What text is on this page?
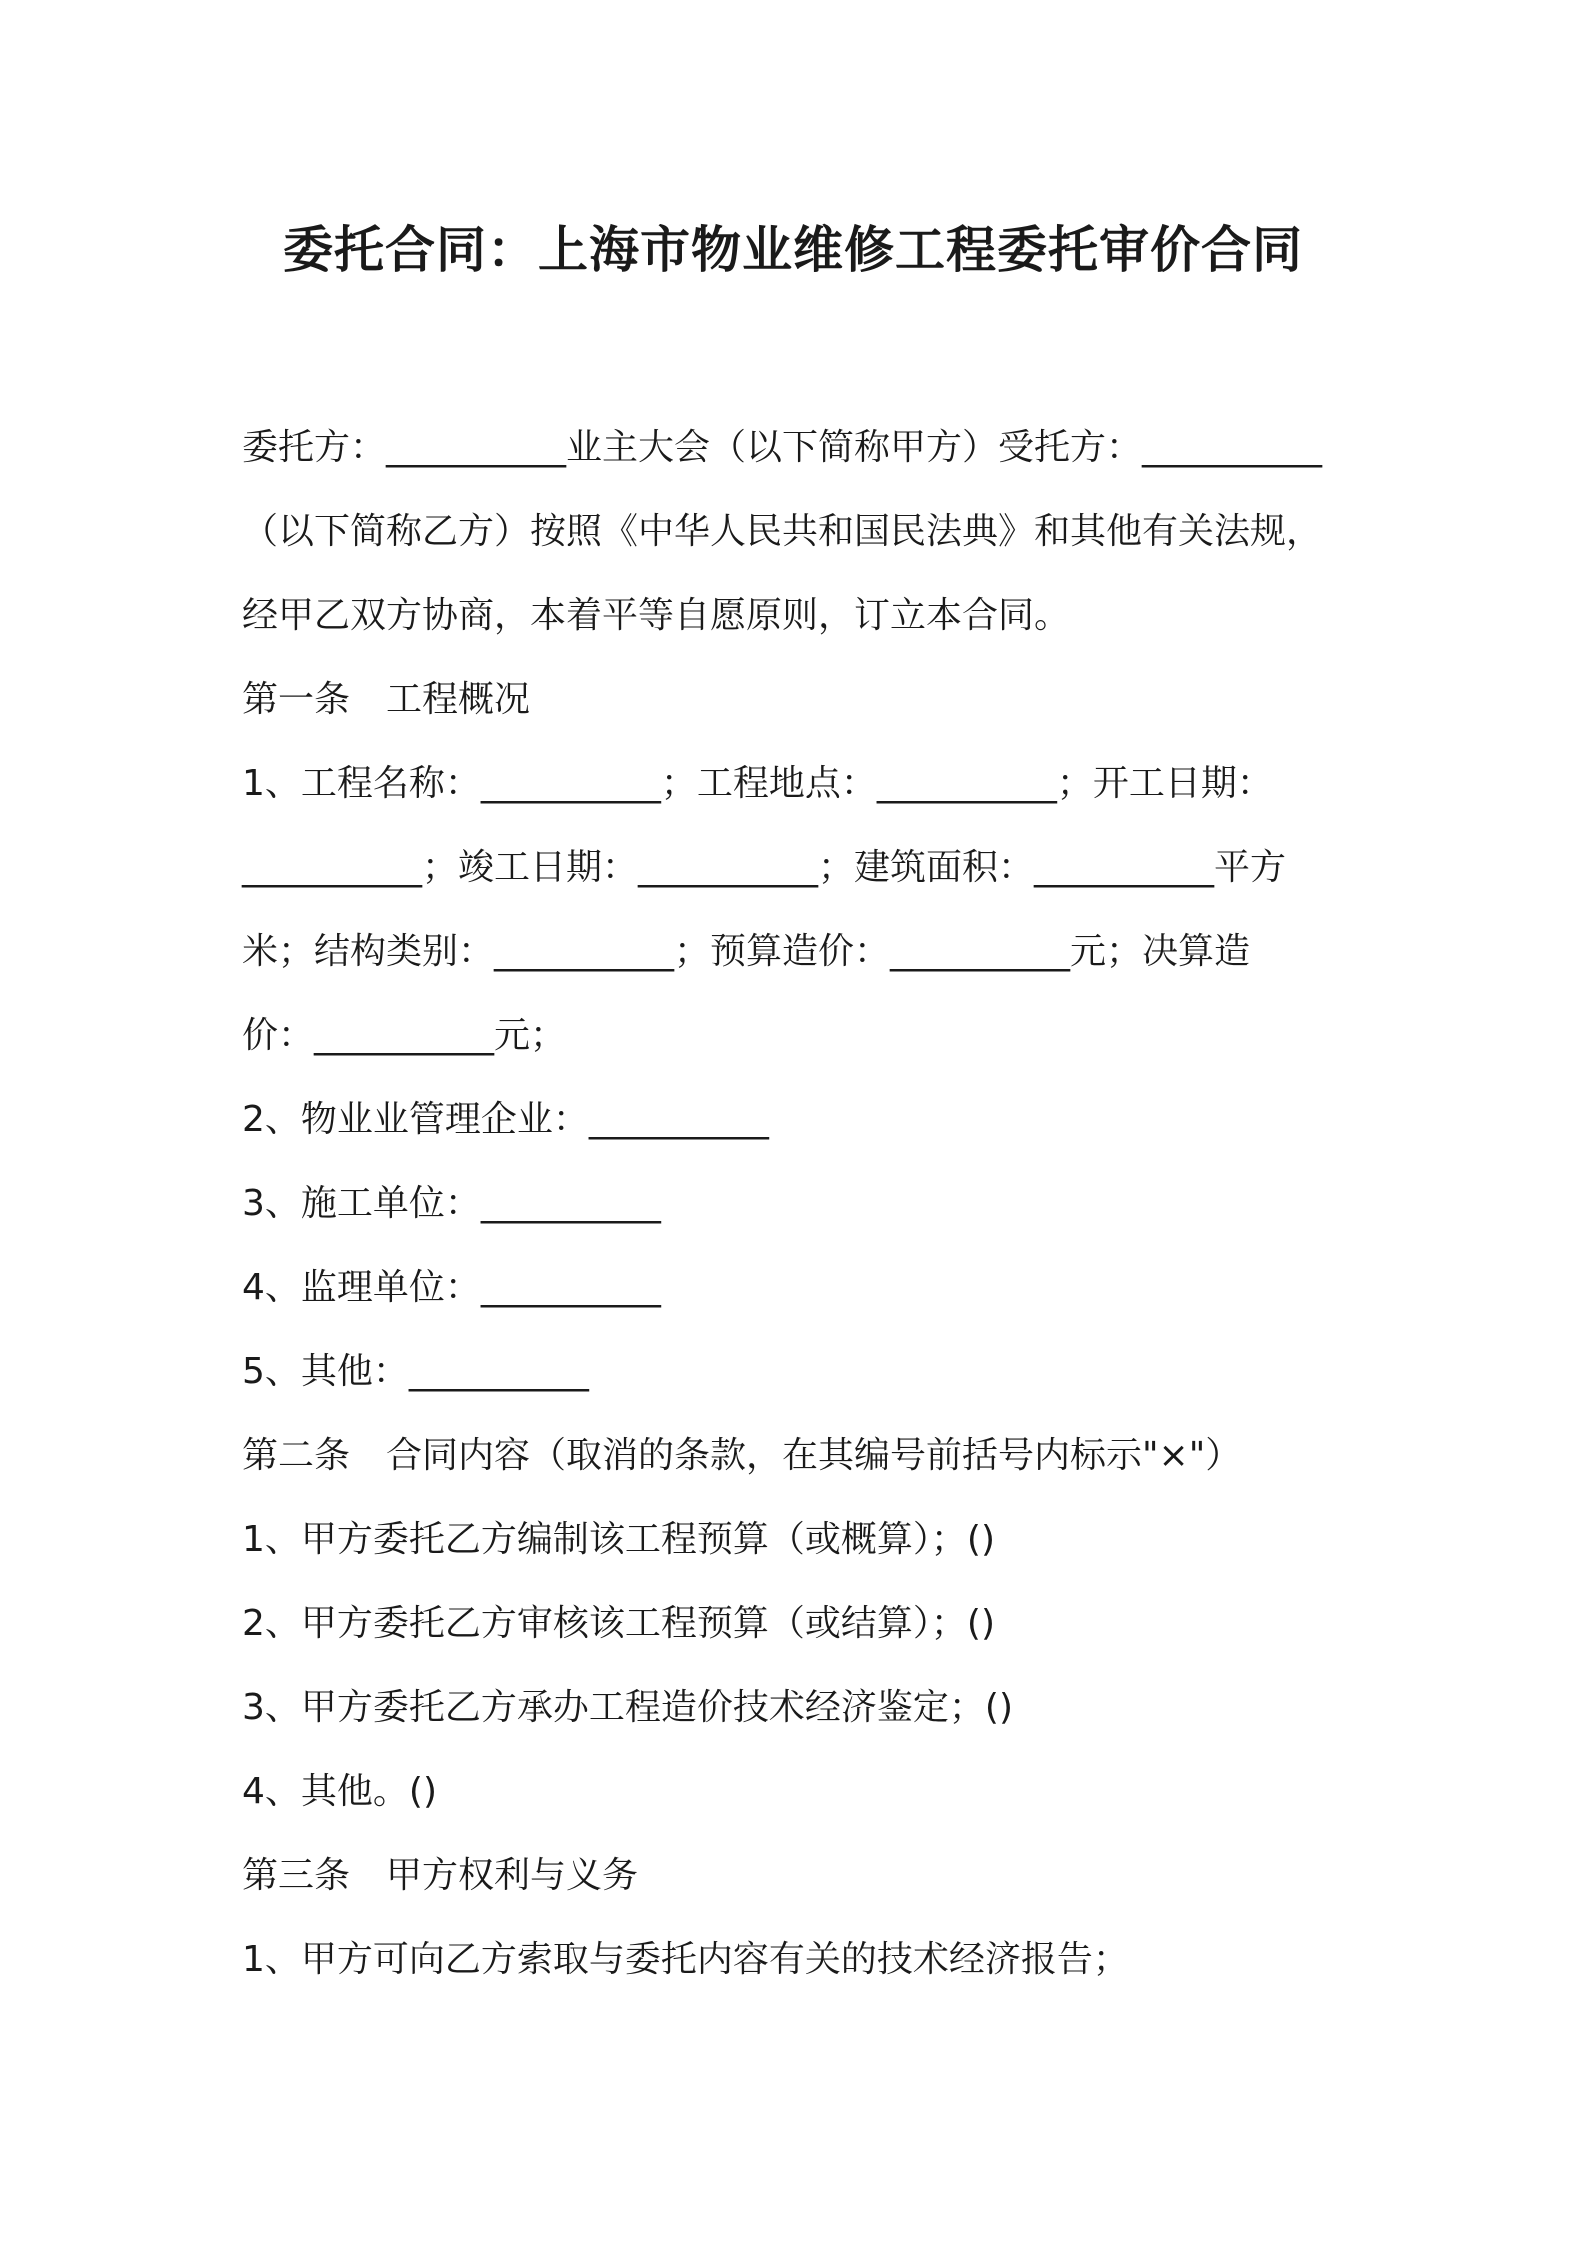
委托合同：上海市物业维修工程委托审价合同
委托方：__________业主大会（以下简称甲方）受托方：__________
（以下简称乙方）按照《中华人民共和国民法典》和其他有关法规，
经甲乙双方协商，本着平等自愿原则，订立本合同。
第一条　工程概况
1、工程名称：__________；工程地点：__________；开工日期：
__________；竣工日期：__________；建筑面积：__________平方
米；结构类别：__________；预算造价：__________元；决算造
价：__________元；
2、物业业管理企业：__________
3、施工单位：__________
4、监理单位：__________
5、其他：__________
第二条　合同内容（取消的条款，在其编号前括号内标示"×"）
1、甲方委托乙方编制该工程预算（或概算）；()
2、甲方委托乙方审核该工程预算（或结算）；()
3、甲方委托乙方承办工程造价技术经济鉴定；()
4、其他。()
第三条　甲方权利与义务
1、甲方可向乙方索取与委托内容有关的技术经济报告；
